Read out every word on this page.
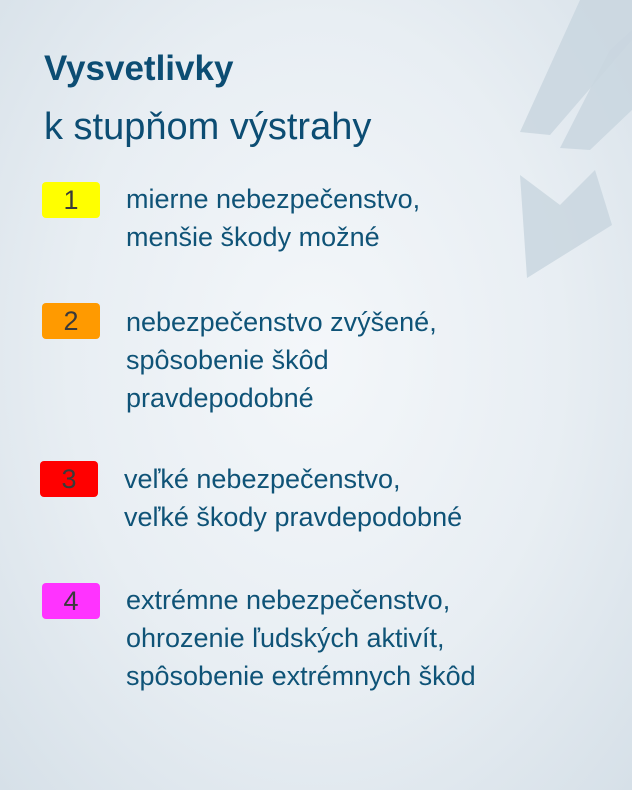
Vysvetlivky
k stupňom výstrahy
1	mierne nebezpečenstvo,
menšie škody možné
2	nebezpečenstvo zvýšené,
spôsobenie škôd
pravdepodobné
3	veľké nebezpečenstvo,
veľké škody pravdepodobné
4	extrémne nebezpečenstvo,
ohrozenie ľudských aktivít,
spôsobenie extrémnych škôd
